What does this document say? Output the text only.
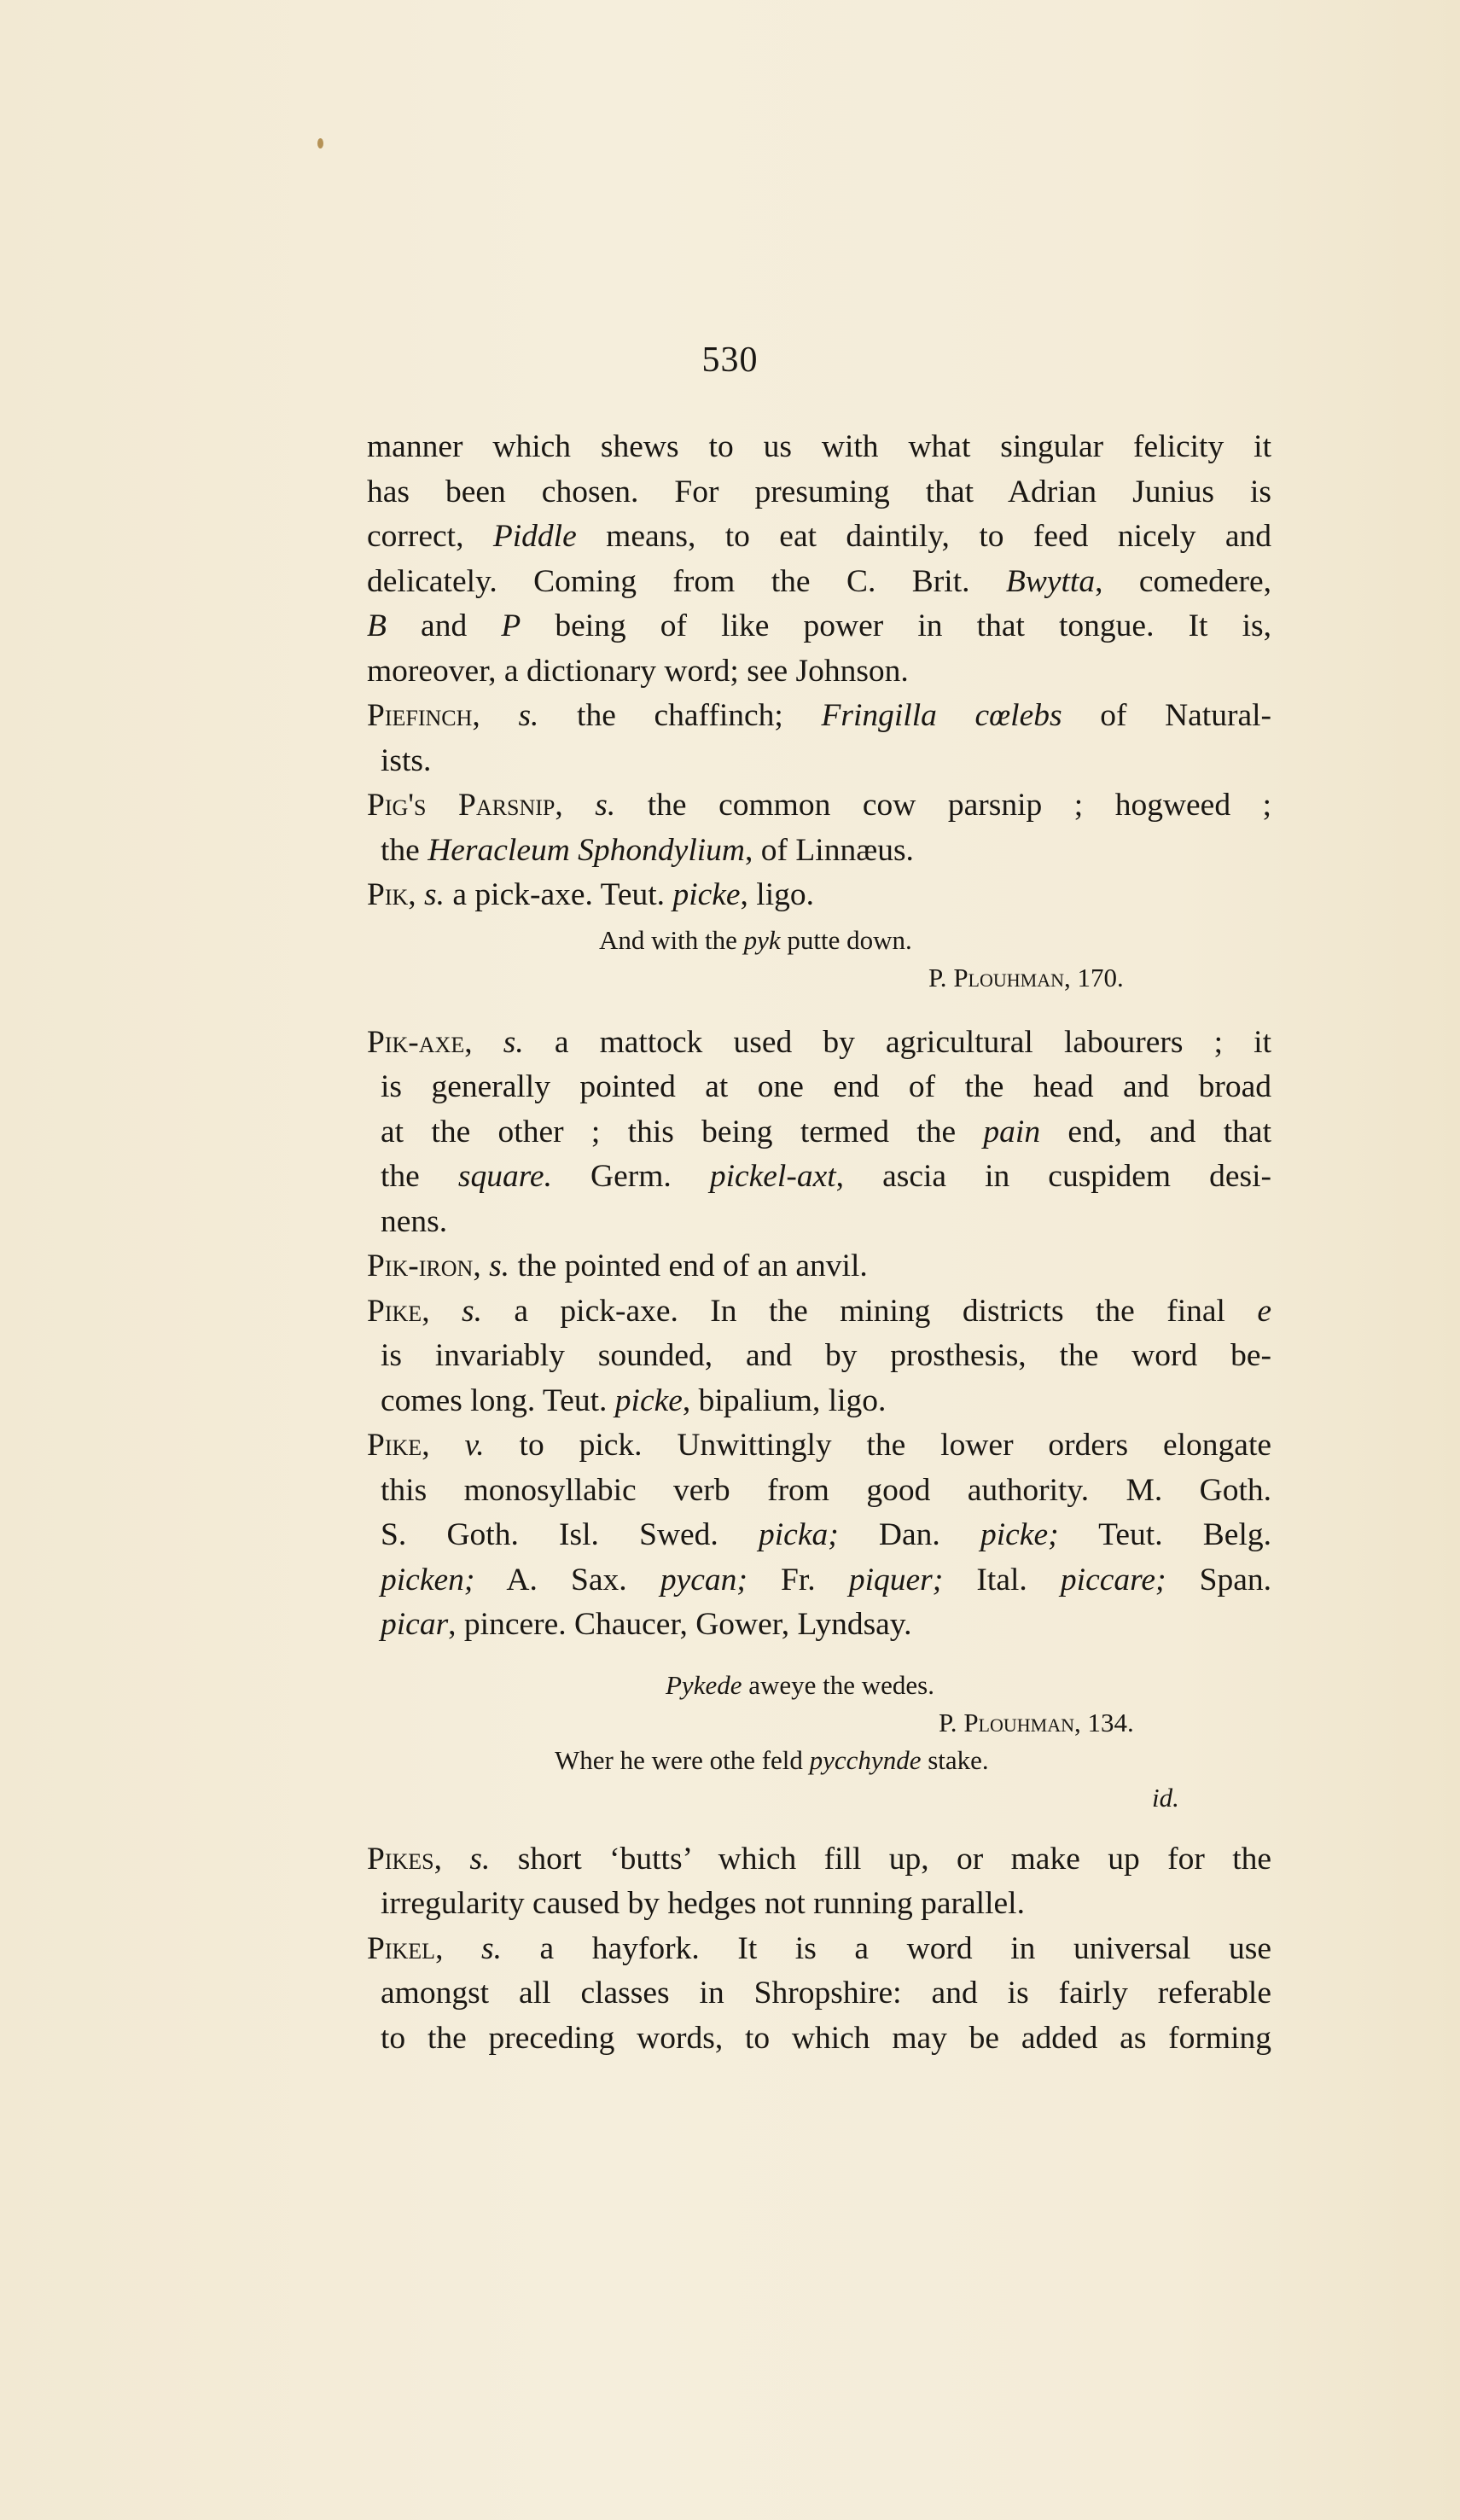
530
manner which shews to us with what singular felicity it
has been chosen. For presuming that Adrian Junius is
correct, Piddle means, to eat daintily, to feed nicely and
delicately. Coming from the C. Brit. Bwytta, comedere,
B and P being of like power in that tongue. It is,
moreover, a dictionary word; see Johnson.
Piefinch, s. the chaffinch; Fringilla cœlebs of Natural-
ists.
Pig's Parsnip, s. the common cow parsnip ; hogweed ;
the Heracleum Sphondylium, of Linnæus.
Pik, s. a pick-axe. Teut. picke, ligo.
And with the pyk putte down.
P. Plouhman, 170.
Pik-axe, s. a mattock used by agricultural labourers ; it
is generally pointed at one end of the head and broad
at the other ; this being termed the pain end, and that
the square. Germ. pickel-axt, ascia in cuspidem desi-
nens.
Pik-iron, s. the pointed end of an anvil.
Pike, s. a pick-axe. In the mining districts the final e
is invariably sounded, and by prosthesis, the word be-
comes long. Teut. picke, bipalium, ligo.
Pike, v. to pick. Unwittingly the lower orders elongate
this monosyllabic verb from good authority. M. Goth.
S. Goth. Isl. Swed. picka; Dan. picke; Teut. Belg.
picken; A. Sax. pycan; Fr. piquer; Ital. piccare; Span.
picar, pincere. Chaucer, Gower, Lyndsay.
Pykede aweye the wedes.
P. Plouhman, 134.
Wher he were othe feld pycchynde stake.
id.
Pikes, s. short ‘butts’ which fill up, or make up for the
irregularity caused by hedges not running parallel.
Pikel, s. a hayfork. It is a word in universal use
amongst all classes in Shropshire: and is fairly referable
to the preceding words, to which may be added as forming
